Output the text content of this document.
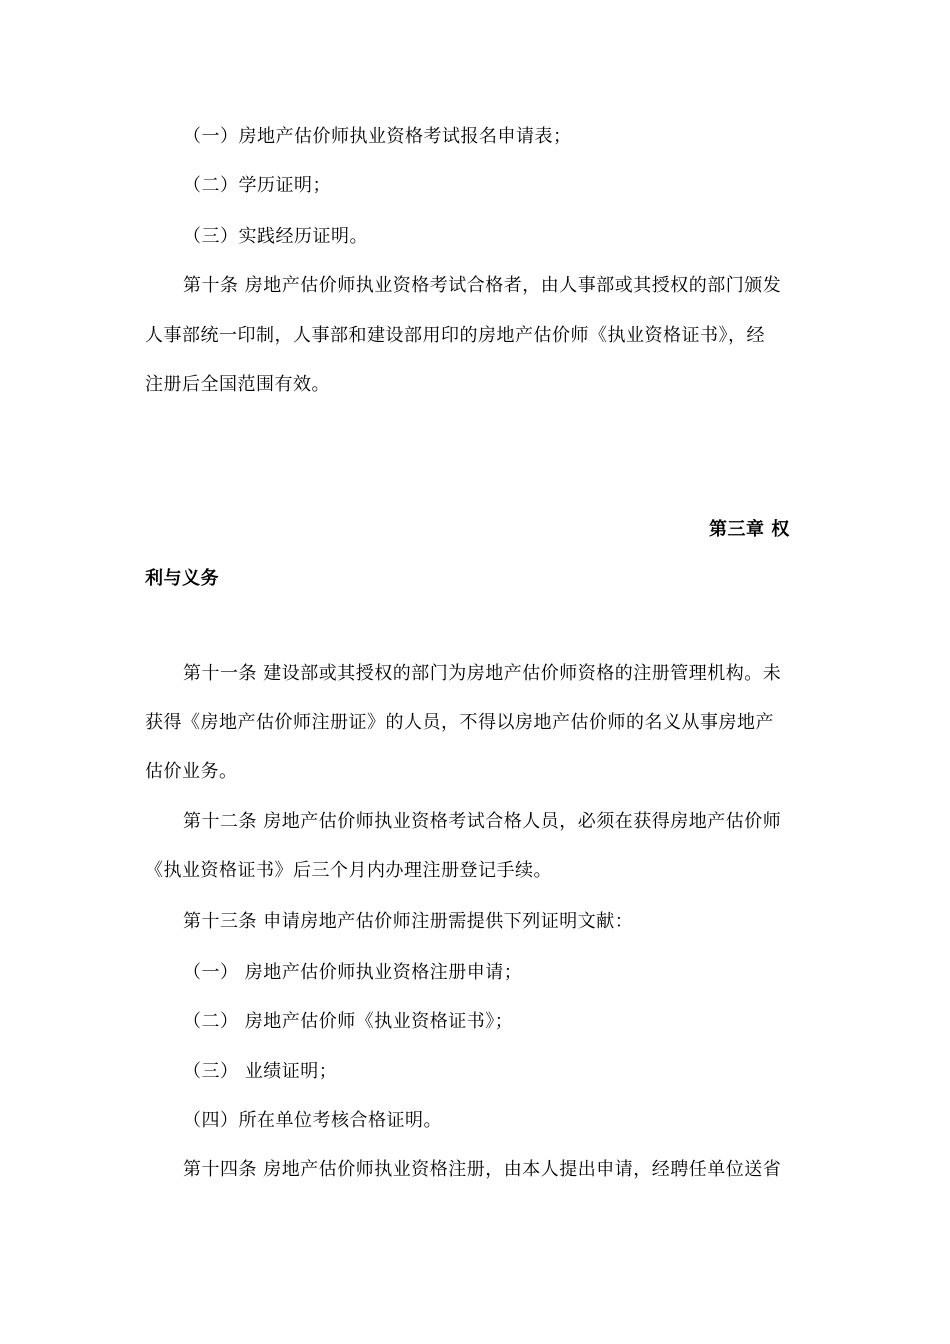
（一）房地产估价师执业资格考试报名申请表；
（二）学历证明；
（三）实践经历证明。
第十条 房地产估价师执业资格考试合格者，由人事部或其授权的部门颁发
人事部统一印制，人事部和建设部用印的房地产估价师《执业资格证书》，经
注册后全国范围有效。
第三章 权
利与义务
第十一条 建设部或其授权的部门为房地产估价师资格的注册管理机构。未
获得《房地产估价师注册证》的人员，不得以房地产估价师的名义从事房地产
估价业务。
第十二条 房地产估价师执业资格考试合格人员，必须在获得房地产估价师
《执业资格证书》后三个月内办理注册登记手续。
第十三条 申请房地产估价师注册需提供下列证明文献：
（一） 房地产估价师执业资格注册申请；
（二） 房地产估价师《执业资格证书》；
（三） 业绩证明；
（四）所在单位考核合格证明。
第十四条 房地产估价师执业资格注册，由本人提出申请，经聘任单位送省
